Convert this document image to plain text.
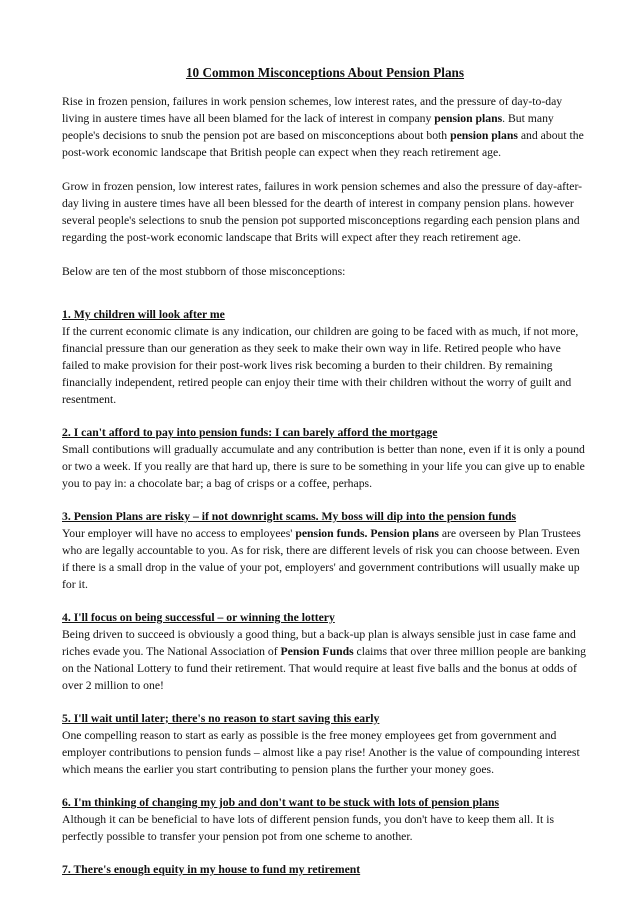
10 Common Misconceptions About Pension Plans

Rise in frozen pension, failures in work pension schemes, low interest rates, and the pressure of day-to-day living in austere times have all been blamed for the lack of interest in company pension plans. But many people's decisions to snub the pension pot are based on misconceptions about both pension plans and about the post-work economic landscape that British people can expect when they reach retirement age.

Grow in frozen pension, low interest rates, failures in work pension schemes and also the pressure of day-after-day living in austere times have all been blessed for the dearth of interest in company pension plans. however several people's selections to snub the pension pot supported misconceptions regarding each pension plans and regarding the post-work economic landscape that Brits will expect after they reach retirement age.

Below are ten of the most stubborn of those misconceptions:

1. My children will look after me

If the current economic climate is any indication, our children are going to be faced with as much, if not more, financial pressure than our generation as they seek to make their own way in life. Retired people who have failed to make provision for their post-work lives risk becoming a burden to their children. By remaining financially independent, retired people can enjoy their time with their children without the worry of guilt and resentment.

2. I can't afford to pay into pension funds: I can barely afford the mortgage

Small contibutions will gradually accumulate and any contribution is better than none, even if it is only a pound or two a week. If you really are that hard up, there is sure to be something in your life you can give up to enable you to pay in: a chocolate bar; a bag of crisps or a coffee, perhaps.

3. Pension Plans are risky – if not downright scams. My boss will dip into the pension funds

Your employer will have no access to employees' pension funds. Pension plans are overseen by Plan Trustees who are legally accountable to you. As for risk, there are different levels of risk you can choose between. Even if there is a small drop in the value of your pot, employers' and government contributions will usually make up for it.

4. I'll focus on being successful – or winning the lottery

Being driven to succeed is obviously a good thing, but a back-up plan is always sensible just in case fame and riches evade you. The National Association of Pension Funds claims that over three million people are banking on the National Lottery to fund their retirement. That would require at least five balls and the bonus at odds of over 2 million to one!

5. I'll wait until later; there's no reason to start saving this early

One compelling reason to start as early as possible is the free money employees get from government and employer contributions to pension funds – almost like a pay rise! Another is the value of compounding interest which means the earlier you start contributing to pension plans the further your money goes.

6. I'm thinking of changing my job and don't want to be stuck with lots of pension plans

Although it can be beneficial to have lots of different pension funds, you don't have to keep them all. It is perfectly possible to transfer your pension pot from one scheme to another.

7. There's enough equity in my house to fund my retirement
